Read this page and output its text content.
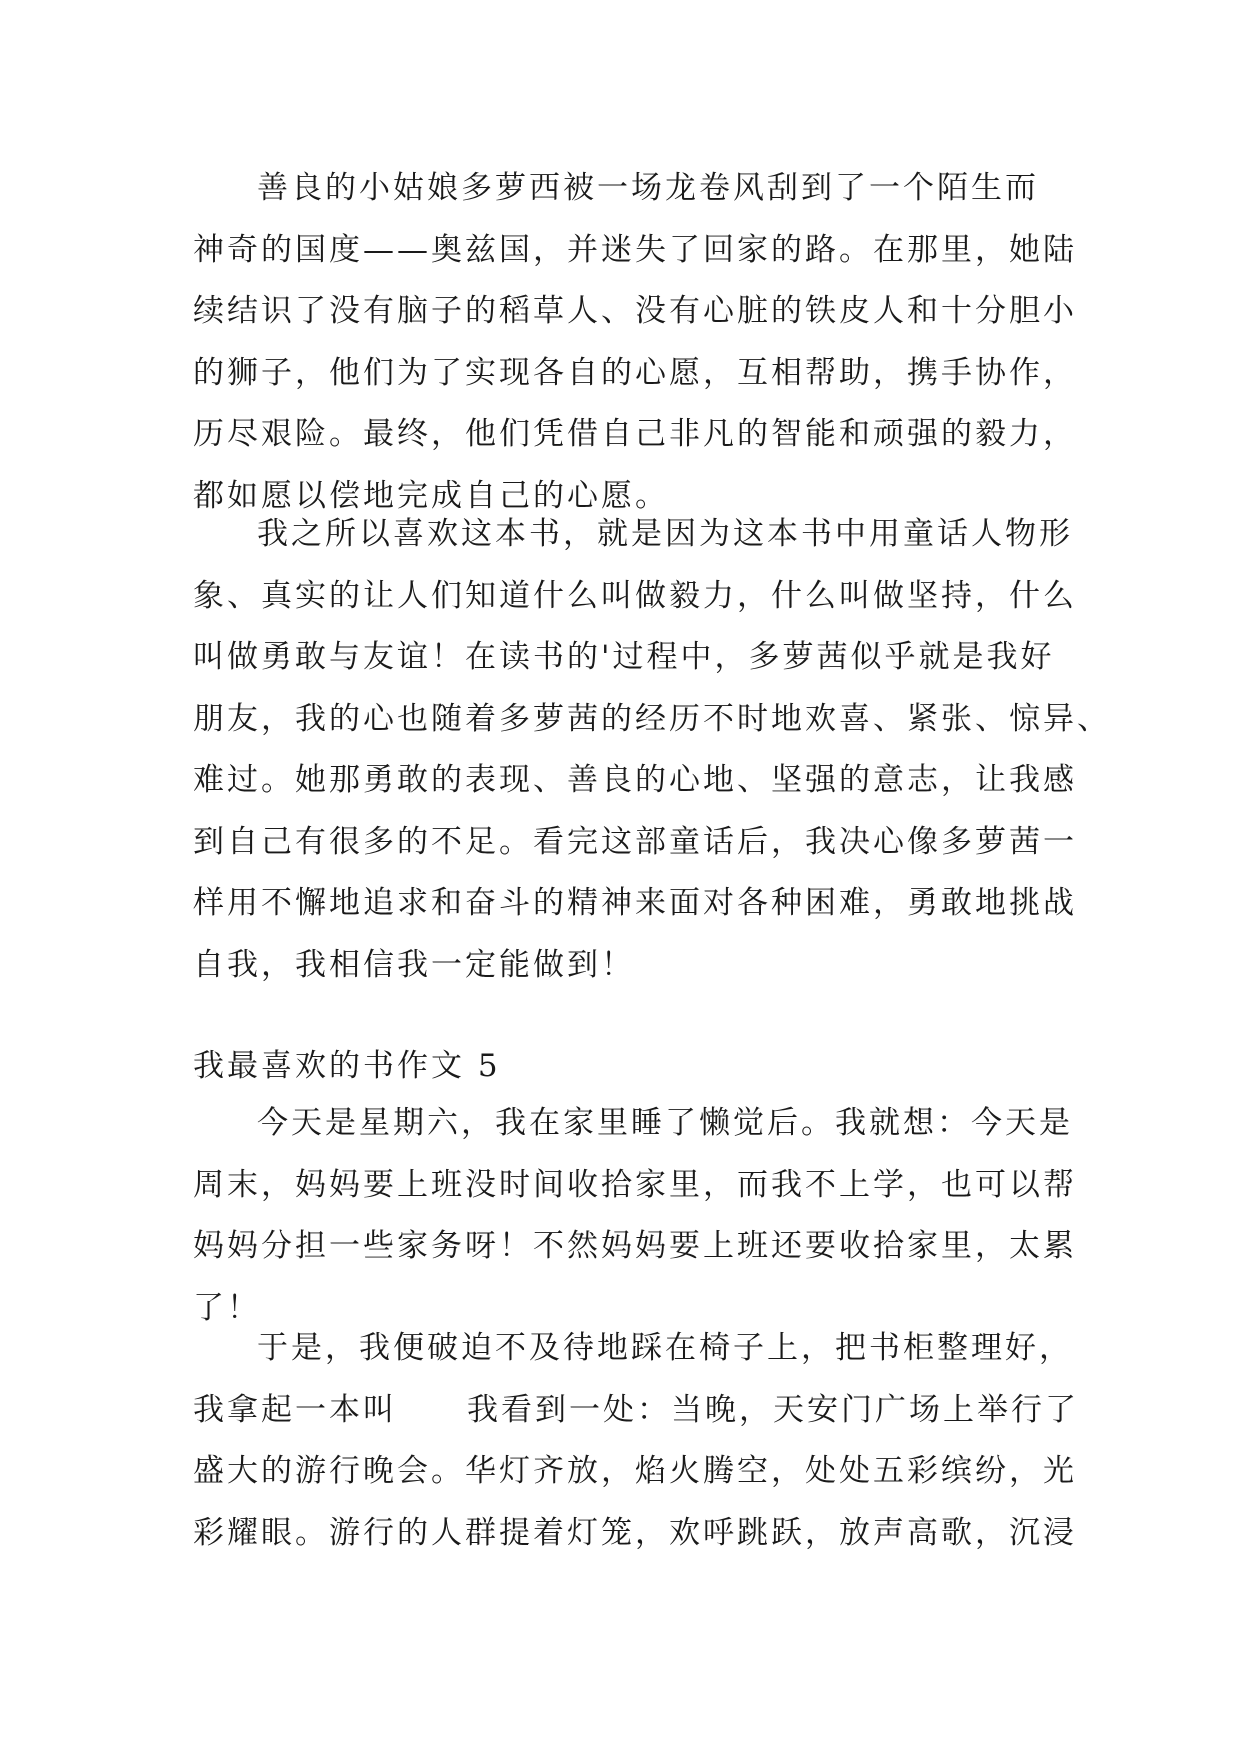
善良的小姑娘多萝西被一场龙卷风刮到了一个陌生而
神奇的国度——奥兹国，并迷失了回家的路。在那里，她陆
续结识了没有脑子的稻草人、没有心脏的铁皮人和十分胆小
的狮子，他们为了实现各自的心愿，互相帮助，携手协作，
历尽艰险。最终，他们凭借自己非凡的智能和顽强的毅力，
都如愿以偿地完成自己的心愿。
我之所以喜欢这本书，就是因为这本书中用童话人物形
象、真实的让人们知道什么叫做毅力，什么叫做坚持，什么
叫做勇敢与友谊！在读书的'过程中，多萝茜似乎就是我好
朋友，我的心也随着多萝茜的经历不时地欢喜、紧张、惊异、
难过。她那勇敢的表现、善良的心地、坚强的意志，让我感
到自己有很多的不足。看完这部童话后，我决心像多萝茜一
样用不懈地追求和奋斗的精神来面对各种困难，勇敢地挑战
自我，我相信我一定能做到！
我最喜欢的书作文 5
今天是星期六，我在家里睡了懒觉后。我就想：今天是
周末，妈妈要上班没时间收拾家里，而我不上学，也可以帮
妈妈分担一些家务呀！不然妈妈要上班还要收拾家里，太累
了！
于是，我便破迫不及待地踩在椅子上，把书柜整理好，
我拿起一本叫 我看到一处：当晚，天安门广场上举行了
盛大的游行晚会。华灯齐放，焰火腾空，处处五彩缤纷，光
彩耀眼。游行的人群提着灯笼，欢呼跳跃，放声高歌，沉浸
